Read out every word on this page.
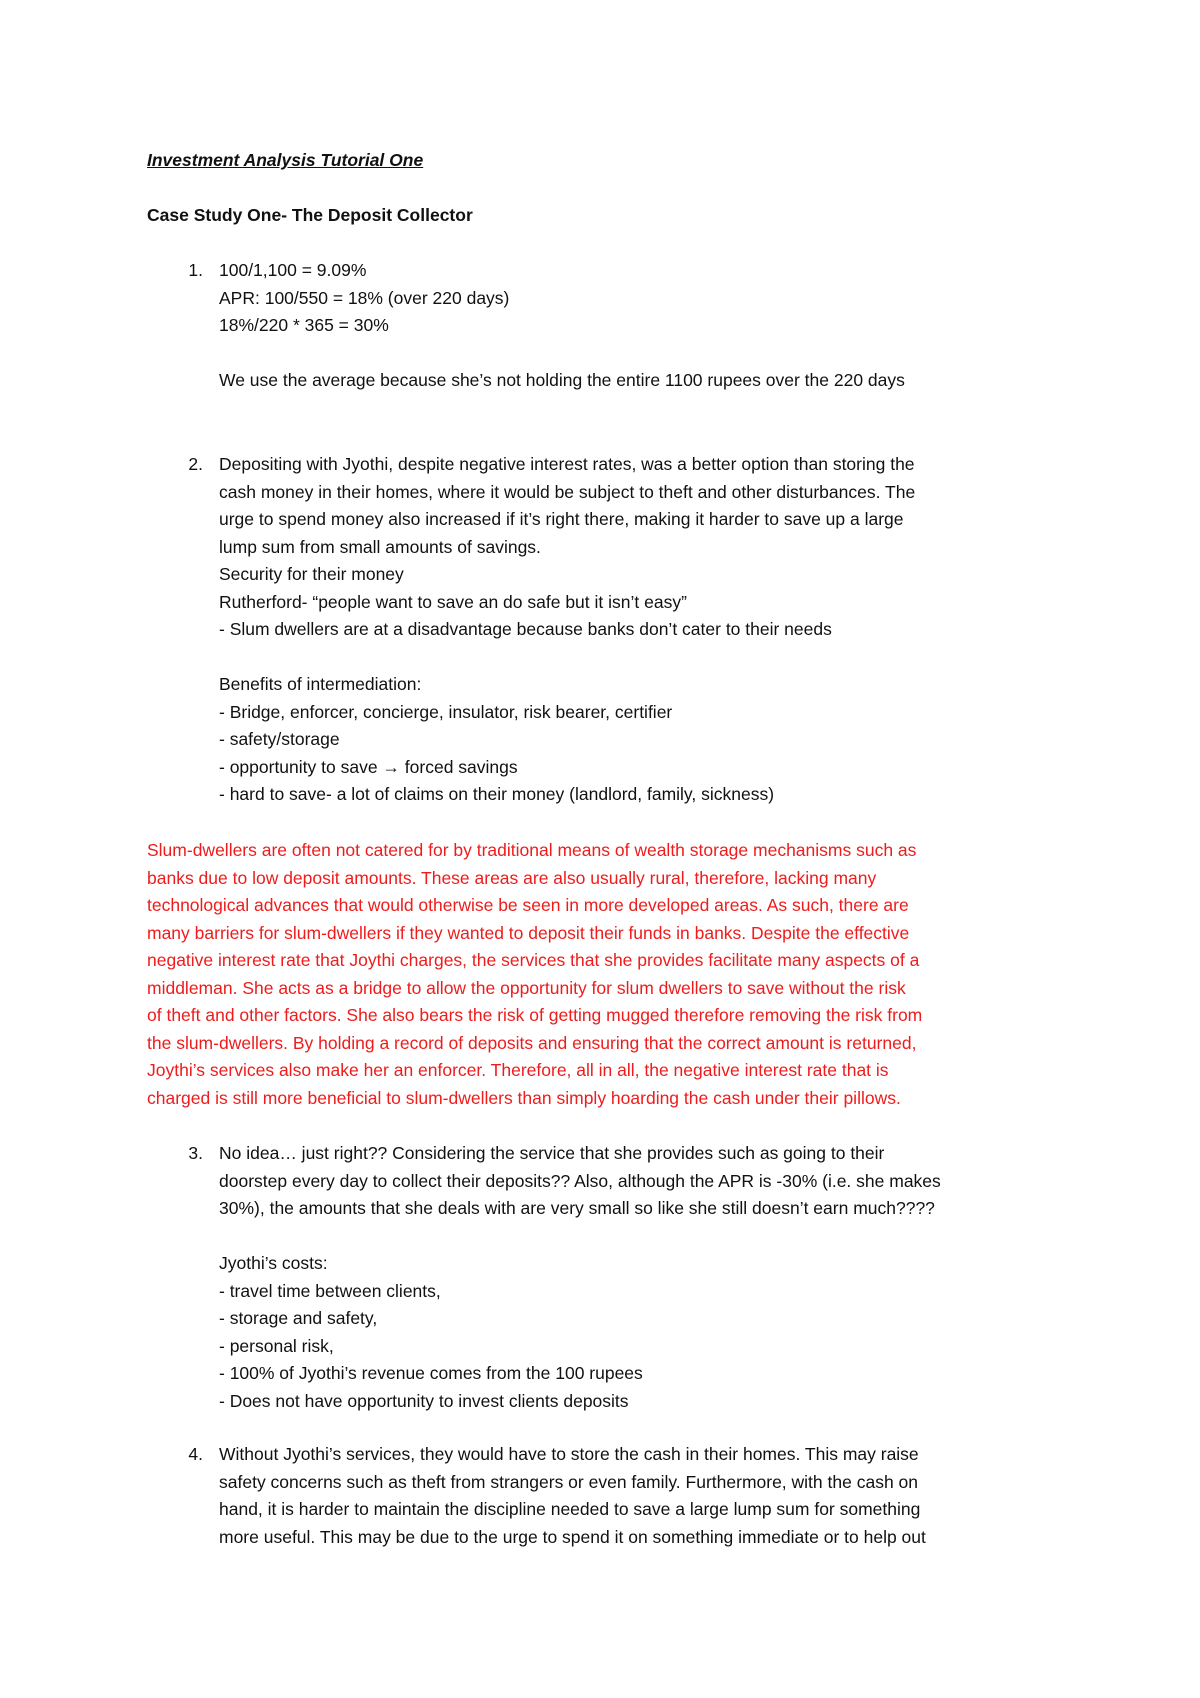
Investment Analysis Tutorial One
Case Study One- The Deposit Collector
1. 100/1,100 = 9.09%
APR: 100/550 = 18% (over 220 days)
18%/220 * 365 = 30%
We use the average because she’s not holding the entire 1100 rupees over the 220 days
2. Depositing with Jyothi, despite negative interest rates, was a better option than storing the
cash money in their homes, where it would be subject to theft and other disturbances. The
urge to spend money also increased if it’s right there, making it harder to save up a large
lump sum from small amounts of savings.
Security for their money
Rutherford- “people want to save an do safe but it isn’t easy”
- Slum dwellers are at a disadvantage because banks don’t cater to their needs
Benefits of intermediation:
- Bridge, enforcer, concierge, insulator, risk bearer, certifier
- safety/storage
- opportunity to save → forced savings
- hard to save- a lot of claims on their money (landlord, family, sickness)
Slum-dwellers are often not catered for by traditional means of wealth storage mechanisms such as
banks due to low deposit amounts. These areas are also usually rural, therefore, lacking many
technological advances that would otherwise be seen in more developed areas. As such, there are
many barriers for slum-dwellers if they wanted to deposit their funds in banks. Despite the effective
negative interest rate that Joythi charges, the services that she provides facilitate many aspects of a
middleman. She acts as a bridge to allow the opportunity for slum dwellers to save without the risk
of theft and other factors. She also bears the risk of getting mugged therefore removing the risk from
the slum-dwellers. By holding a record of deposits and ensuring that the correct amount is returned,
Joythi’s services also make her an enforcer. Therefore, all in all, the negative interest rate that is
charged is still more beneficial to slum-dwellers than simply hoarding the cash under their pillows.
3. No idea… just right?? Considering the service that she provides such as going to their
doorstep every day to collect their deposits?? Also, although the APR is -30% (i.e. she makes
30%), the amounts that she deals with are very small so like she still doesn’t earn much????
Jyothi’s costs:
- travel time between clients,
- storage and safety,
- personal risk,
- 100% of Jyothi’s revenue comes from the 100 rupees
- Does not have opportunity to invest clients deposits
4. Without Jyothi’s services, they would have to store the cash in their homes. This may raise
safety concerns such as theft from strangers or even family. Furthermore, with the cash on
hand, it is harder to maintain the discipline needed to save a large lump sum for something
more useful. This may be due to the urge to spend it on something immediate or to help out
